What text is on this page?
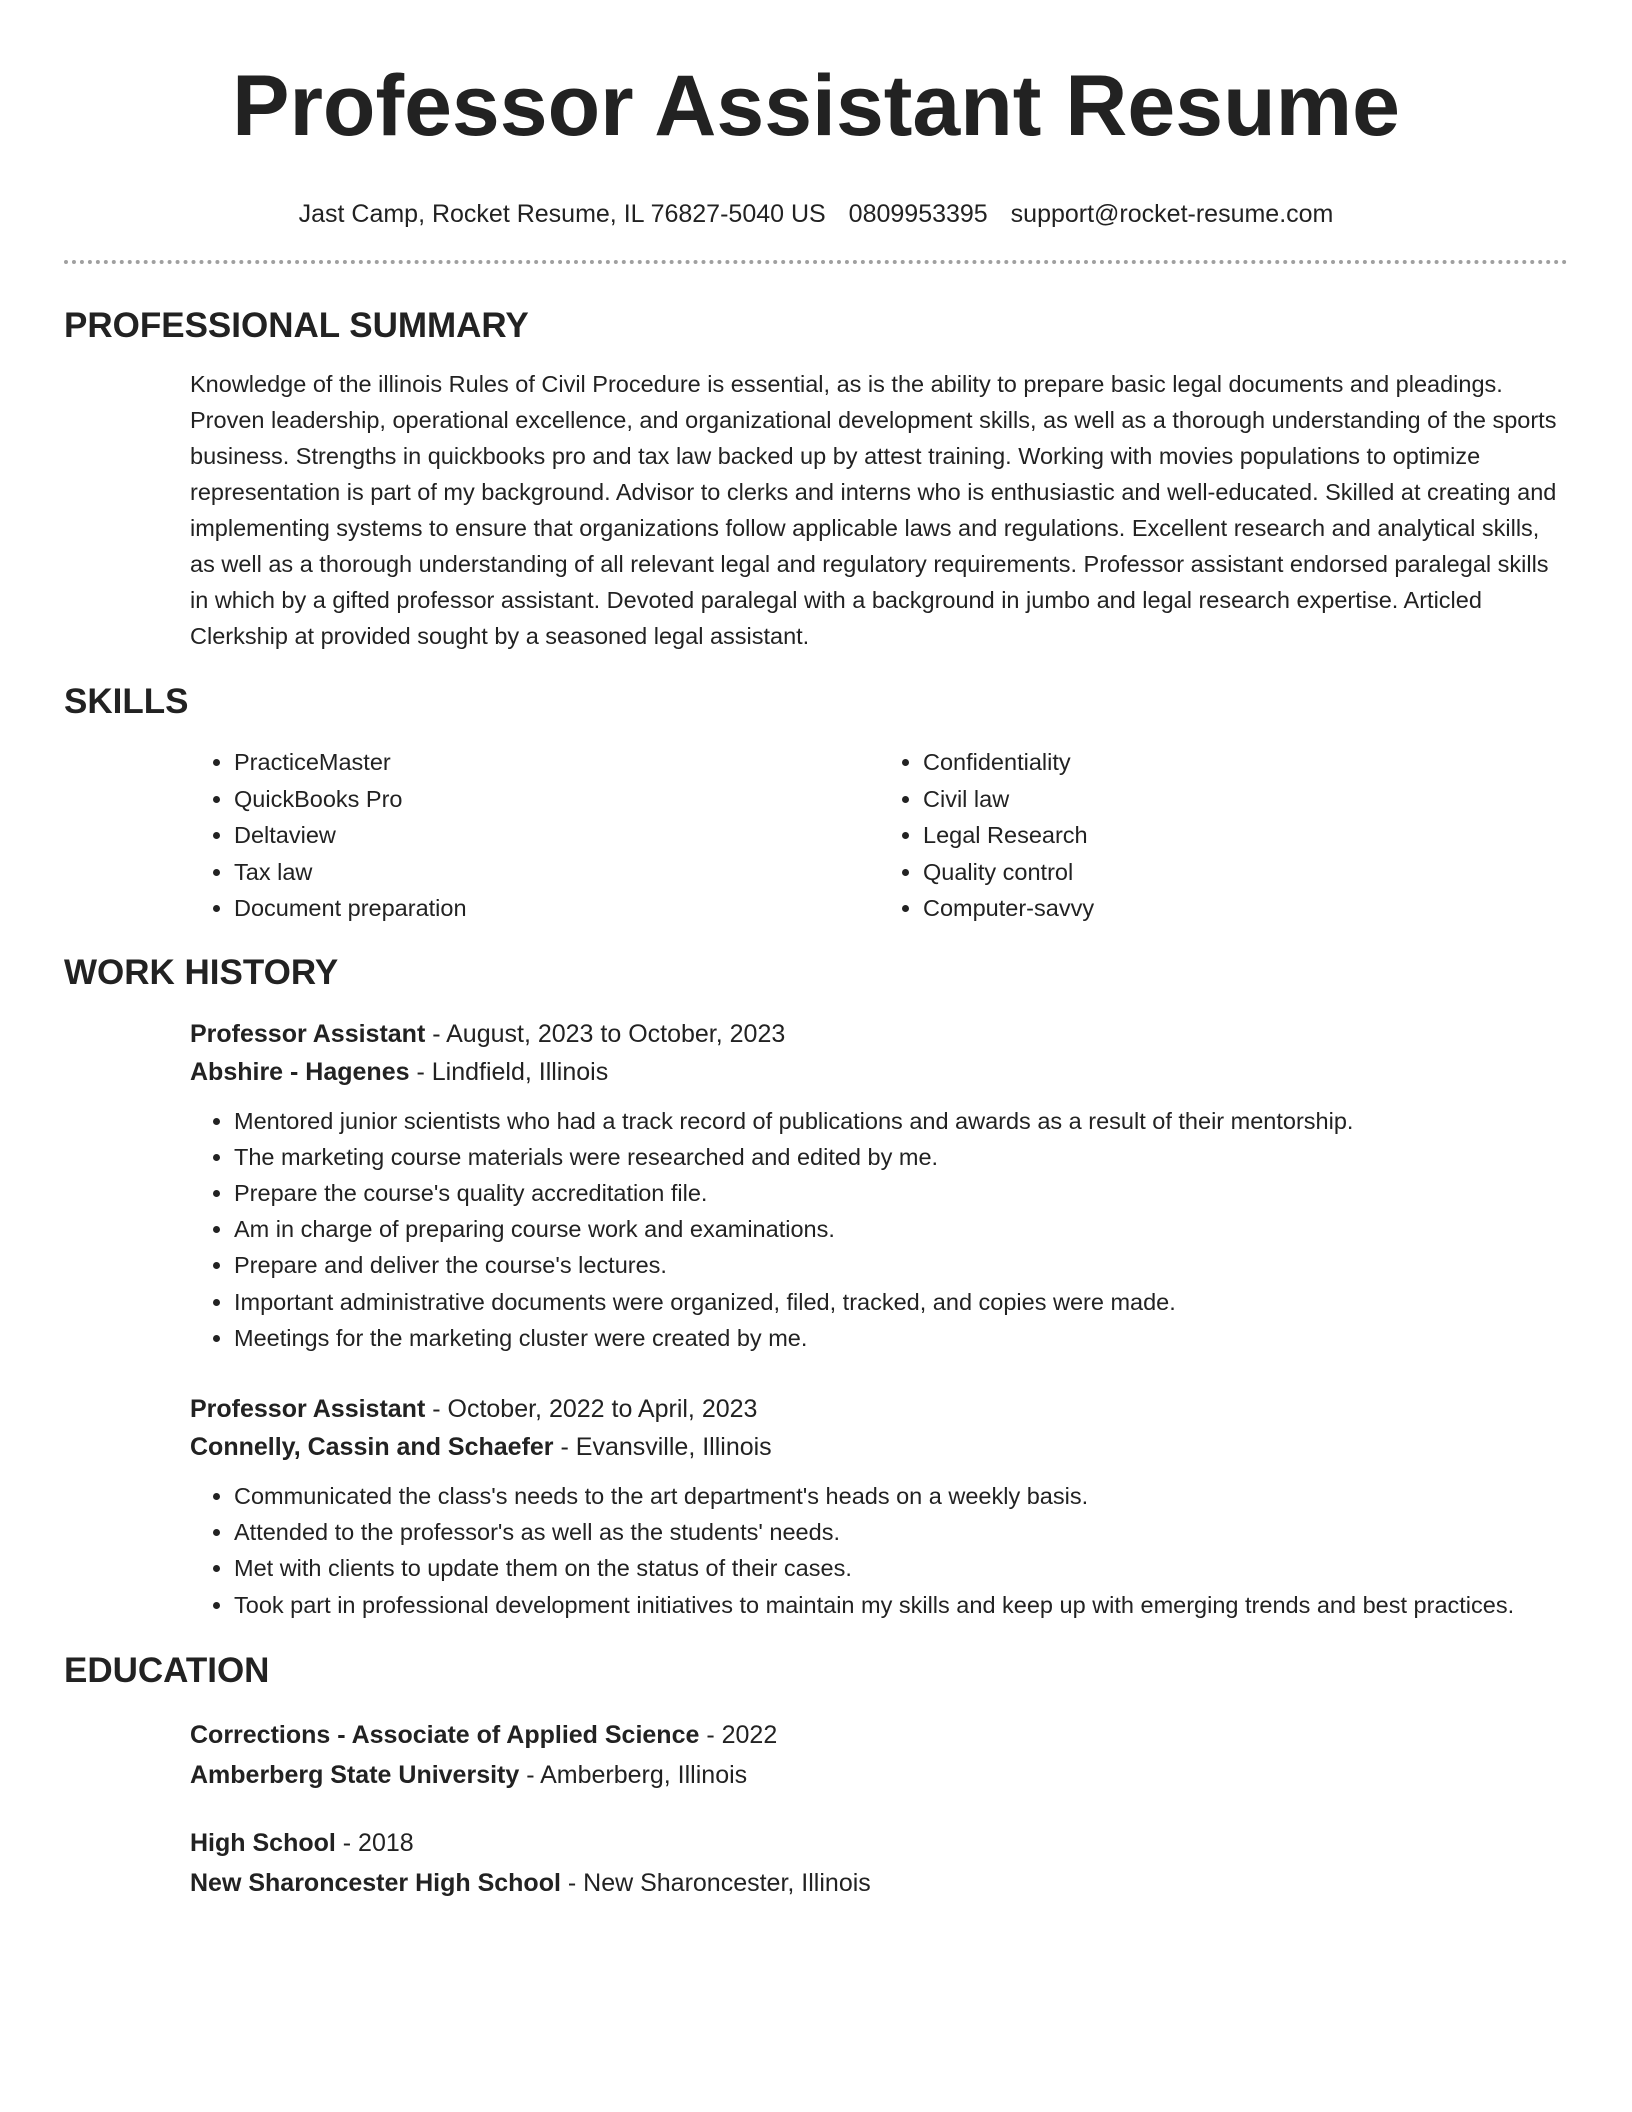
Professor Assistant Resume
Jast Camp, Rocket Resume, IL 76827-5040 US 0809953395 support@rocket-resume.com
PROFESSIONAL SUMMARY

Knowledge of the illinois Rules of Civil Procedure is essential, as is the ability to prepare basic legal documents and pleadings. Proven leadership, operational excellence, and organizational development skills, as well as a thorough understanding of the sports business. Strengths in quickbooks pro and tax law backed up by attest training. Working with movies populations to optimize representation is part of my background. Advisor to clerks and interns who is enthusiastic and well-educated. Skilled at creating and implementing systems to ensure that organizations follow applicable laws and regulations. Excellent research and analytical skills, as well as a thorough understanding of all relevant legal and regulatory requirements. Professor assistant endorsed paralegal skills in which by a gifted professor assistant. Devoted paralegal with a background in jumbo and legal research expertise. Articled Clerkship at provided sought by a seasoned legal assistant.

SKILLS
• PracticeMaster
• QuickBooks Pro
• Deltaview
• Tax law
• Document preparation
• Confidentiality
• Civil law
• Legal Research
• Quality control
• Computer-savvy
WORK HISTORY
Professor Assistant - August, 2023 to October, 2023
Abshire - Hagenes - Lindfield, Illinois
• Mentored junior scientists who had a track record of publications and awards as a result of their mentorship.
• The marketing course materials were researched and edited by me.
• Prepare the course's quality accreditation file.
• Am in charge of preparing course work and examinations.
• Prepare and deliver the course's lectures.
• Important administrative documents were organized, filed, tracked, and copies were made.
• Meetings for the marketing cluster were created by me.
Professor Assistant - October, 2022 to April, 2023
Connelly, Cassin and Schaefer - Evansville, Illinois
• Communicated the class's needs to the art department's heads on a weekly basis.
• Attended to the professor's as well as the students' needs.
• Met with clients to update them on the status of their cases.
• Took part in professional development initiatives to maintain my skills and keep up with emerging trends and best practices.
EDUCATION
Corrections - Associate of Applied Science - 2022
Amberberg State University - Amberberg, Illinois
High School - 2018
New Sharoncester High School - New Sharoncester, Illinois
